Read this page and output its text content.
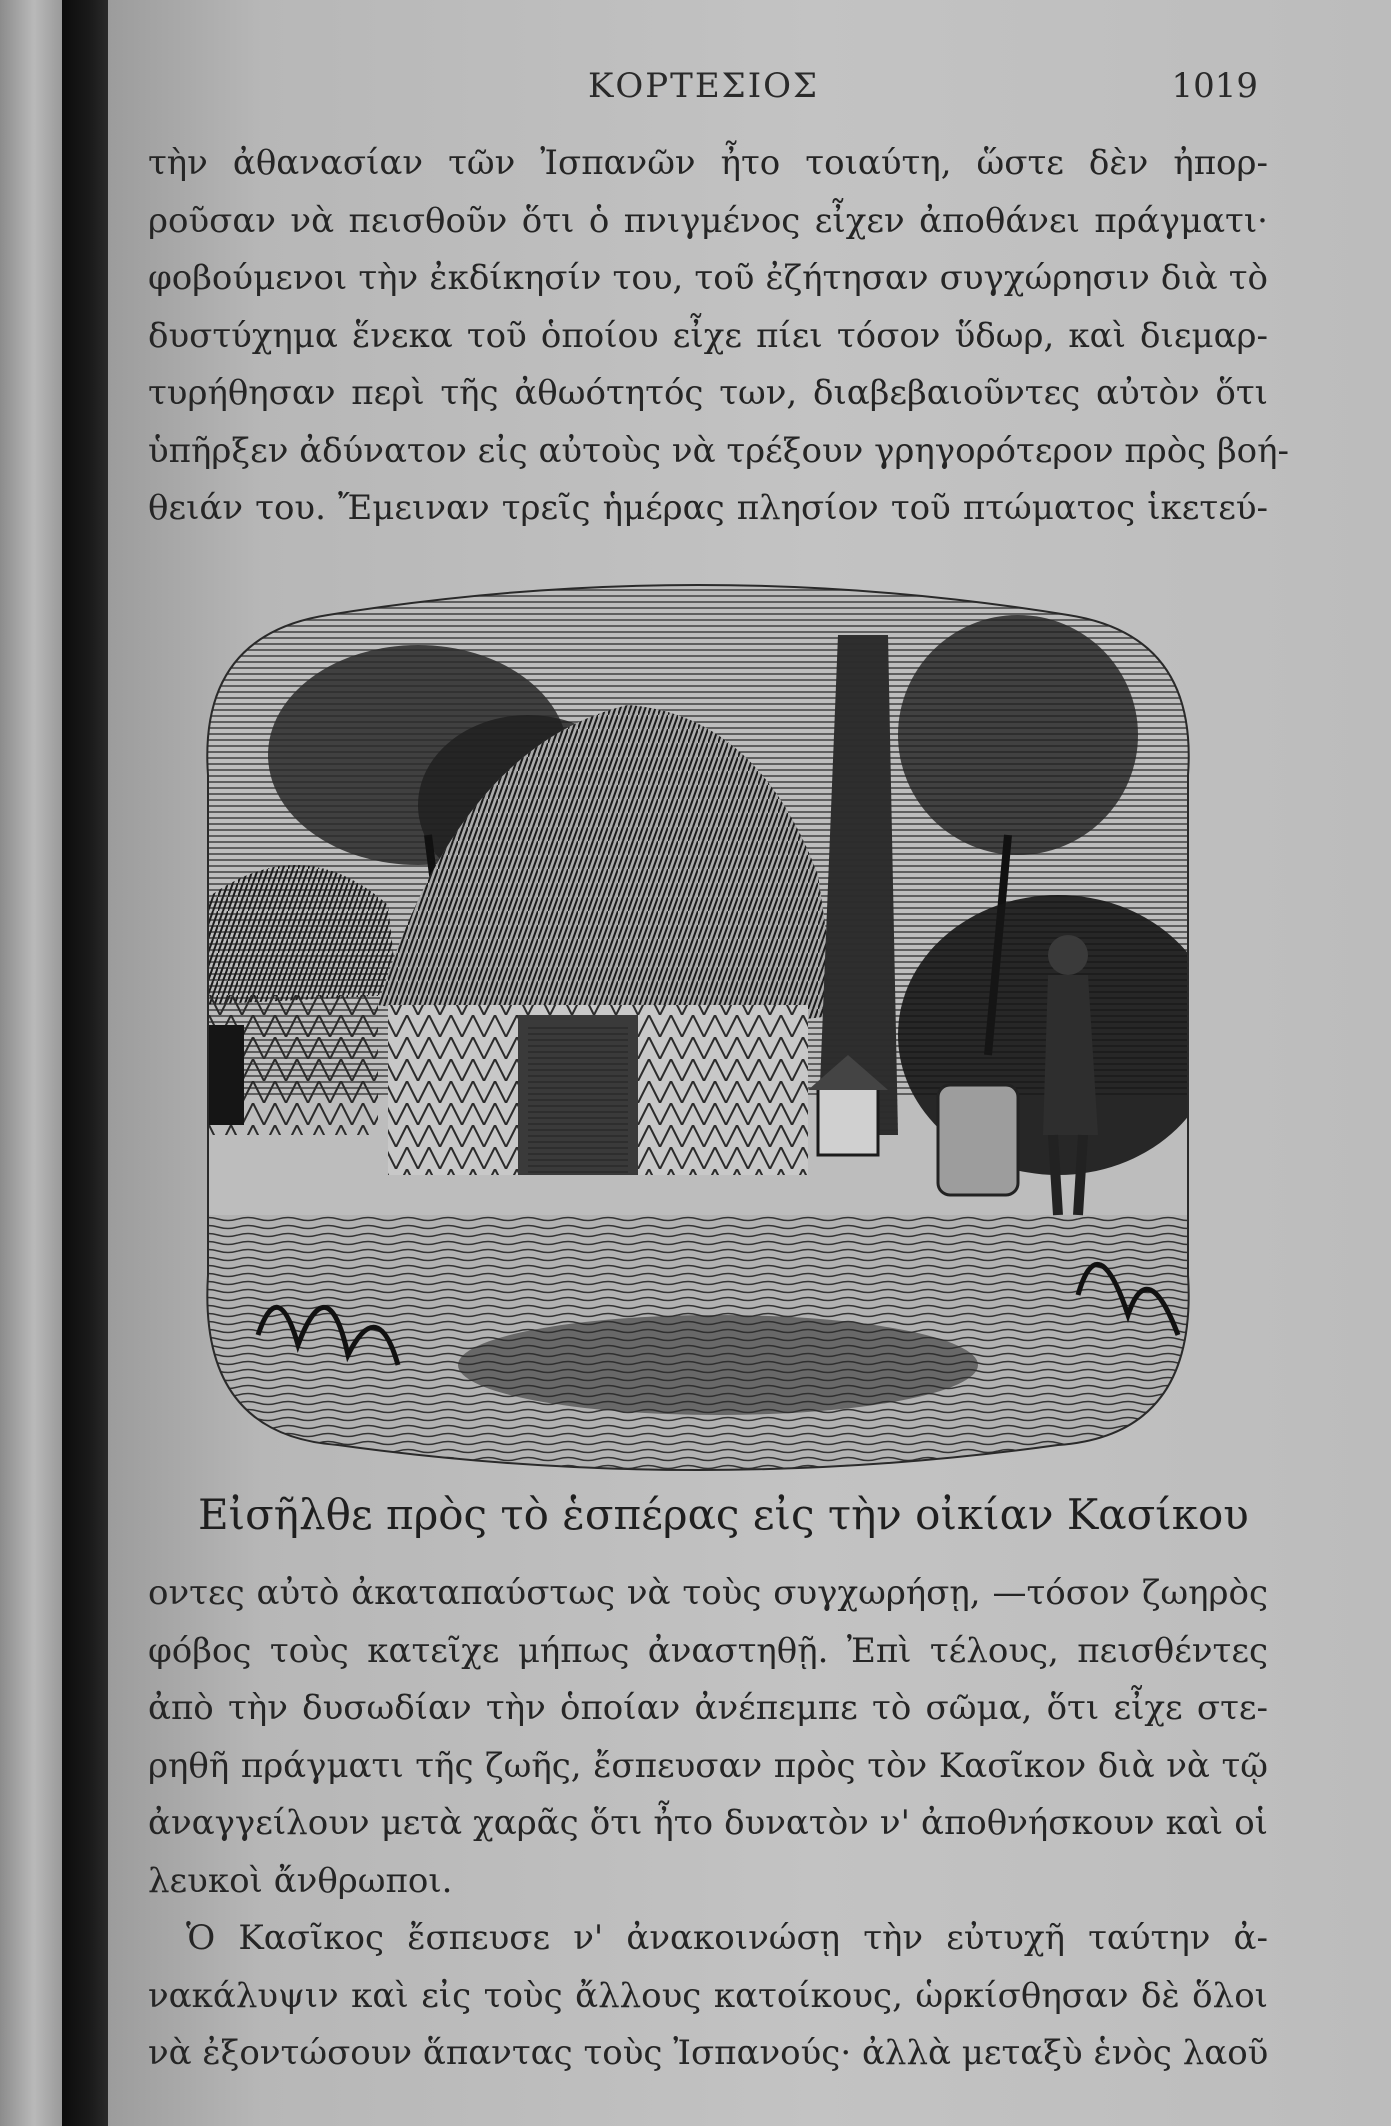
ΚΟΡΤΕΣΙΟΣ	1019
τὴν ἀθανασίαν τῶν Ἰσπανῶν ἦτο τοιαύτη, ὥστε δὲν ἠπορ-
ροῦσαν νὰ πεισθοῦν ὅτι ὁ πνιγμένος εἶχεν ἀποθάνει πράγματι·
φοβούμενοι τὴν ἐκδίκησίν του, τοῦ ἐζήτησαν συγχώρησιν διὰ τὸ
δυστύχημα ἕνεκα τοῦ ὁποίου εἶχε πίει τόσον ὕδωρ, καὶ διεμαρ-
τυρήθησαν περὶ τῆς ἀθωότητός των, διαβεβαιοῦντες αὐτὸν ὅτι
ὑπῆρξεν ἀδύνατον εἰς αὐτοὺς νὰ τρέξουν γρηγορότερον πρὸς βοή-
θειάν του. Ἔμειναν τρεῖς ἡμέρας πλησίον τοῦ πτώματος ἱκετεύ-
Εἰσῆλθε πρὸς τὸ ἑσπέρας εἰς τὴν οἰκίαν Κασίκου
οντες αὐτὸ ἀκαταπαύστως νὰ τοὺς συγχωρήσῃ, —τόσον ζωηρὸς
φόβος τοὺς κατεῖχε μήπως ἀναστηθῇ. Ἐπὶ τέλους, πεισθέντες
ἀπὸ τὴν δυσωδίαν τὴν ὁποίαν ἀνέπεμπε τὸ σῶμα, ὅτι εἶχε στε-
ρηθῆ πράγματι τῆς ζωῆς, ἔσπευσαν πρὸς τὸν Κασῖκον διὰ νὰ τῷ
ἀναγγείλουν μετὰ χαρᾶς ὅτι ἦτο δυνατὸν ν' ἀποθνήσκουν καὶ οἱ
λευκοὶ ἄνθρωποι.
Ὁ Κασῖκος ἔσπευσε ν' ἀνακοινώσῃ τὴν εὐτυχῆ ταύτην ἀ-
νακάλυψιν καὶ εἰς τοὺς ἄλλους κατοίκους, ὡρκίσθησαν δὲ ὅλοι
νὰ ἐξοντώσουν ἅπαντας τοὺς Ἰσπανούς· ἀλλὰ μεταξὺ ἑνὸς λαοῦ
